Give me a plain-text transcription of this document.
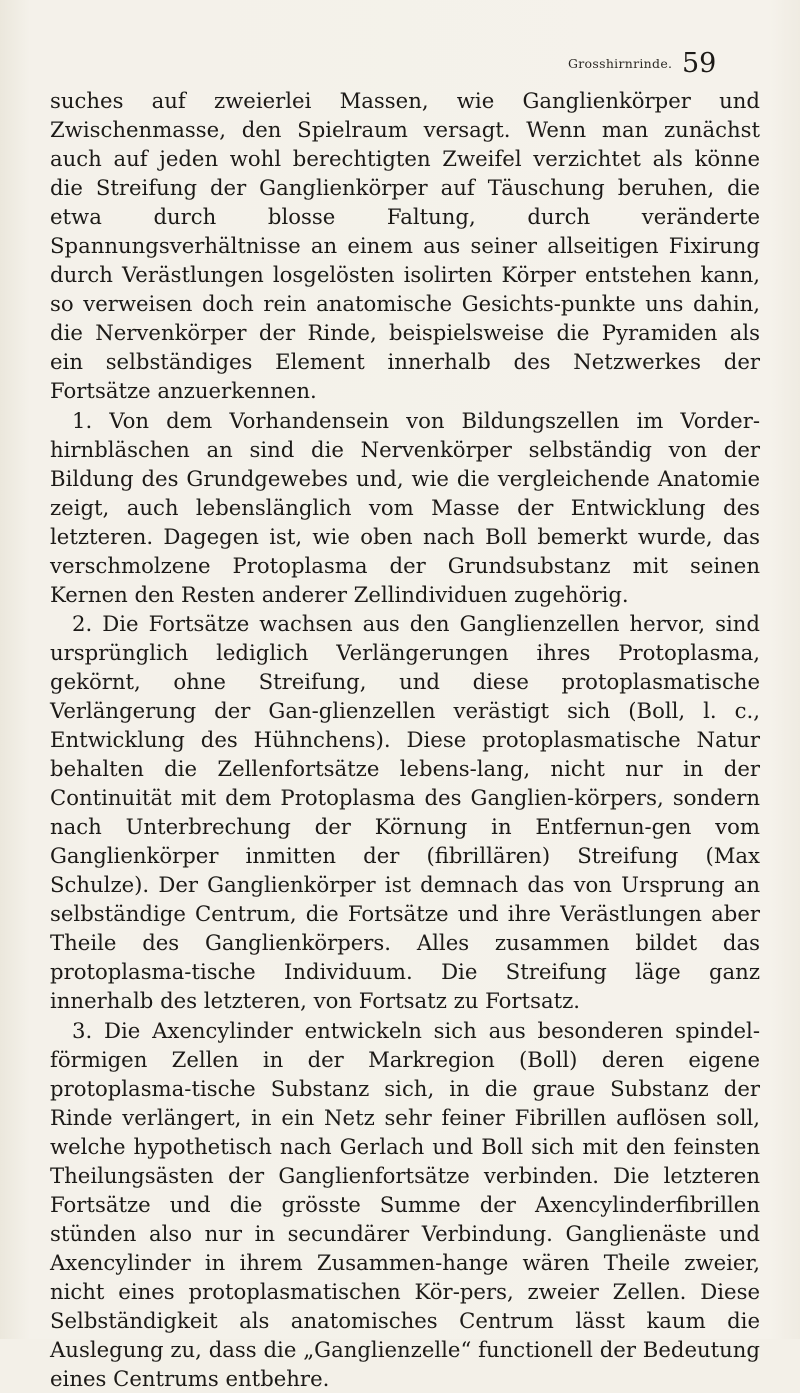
Grosshirnrinde. 59

suches auf zweierlei Massen, wie Ganglienkörper und Zwischenmasse, den Spielraum versagt. Wenn man zunächst auch auf jeden wohl berechtigten Zweifel verzichtet als könne die Streifung der Ganglienkörper auf Täuschung beruhen, die etwa durch blosse Faltung, durch veränderte Spannungsverhältnisse an einem aus seiner allseitigen Fixirung durch Verästlungen losgelösten isolirten Körper entstehen kann, so verweisen doch rein anatomische Gesichts-punkte uns dahin, die Nervenkörper der Rinde, beispielsweise die Pyramiden als ein selbständiges Element innerhalb des Netzwerkes der Fortsätze anzuerkennen.

1. Von dem Vorhandensein von Bildungszellen im Vorder-hirnbläschen an sind die Nervenkörper selbständig von der Bildung des Grundgewebes und, wie die vergleichende Anatomie zeigt, auch lebenslänglich vom Masse der Entwicklung des letzteren. Dagegen ist, wie oben nach Boll bemerkt wurde, das verschmolzene Protoplasma der Grundsubstanz mit seinen Kernen den Resten anderer Zellindividuen zugehörig.

2. Die Fortsätze wachsen aus den Ganglienzellen hervor, sind ursprünglich lediglich Verlängerungen ihres Protoplasma, gekörnt, ohne Streifung, und diese protoplasmatische Verlängerung der Gan-glienzellen verästigt sich (Boll, l. c., Entwicklung des Hühnchens). Diese protoplasmatische Natur behalten die Zellenfortsätze lebens-lang, nicht nur in der Continuität mit dem Protoplasma des Ganglien-körpers, sondern nach Unterbrechung der Körnung in Entfernun-gen vom Ganglienkörper inmitten der (fibrillären) Streifung (Max Schulze). Der Ganglienkörper ist demnach das von Ursprung an selbständige Centrum, die Fortsätze und ihre Verästlungen aber Theile des Ganglienkörpers. Alles zusammen bildet das protoplasma-tische Individuum. Die Streifung läge ganz innerhalb des letzteren, von Fortsatz zu Fortsatz.

3. Die Axencylinder entwickeln sich aus besonderen spindel-förmigen Zellen in der Markregion (Boll) deren eigene protoplasma-tische Substanz sich, in die graue Substanz der Rinde verlängert, in ein Netz sehr feiner Fibrillen auflösen soll, welche hypothetisch nach Gerlach und Boll sich mit den feinsten Theilungsästen der Ganglienfortsätze verbinden. Die letzteren Fortsätze und die grösste Summe der Axencylinderfibrillen stünden also nur in secundärer Verbindung. Ganglienäste und Axencylinder in ihrem Zusammen-hange wären Theile zweier, nicht eines protoplasmatischen Kör-pers, zweier Zellen. Diese Selbständigkeit als anatomisches Centrum lässt kaum die Auslegung zu, dass die „Ganglienzelle“ functionell der Bedeutung eines Centrums entbehre.
